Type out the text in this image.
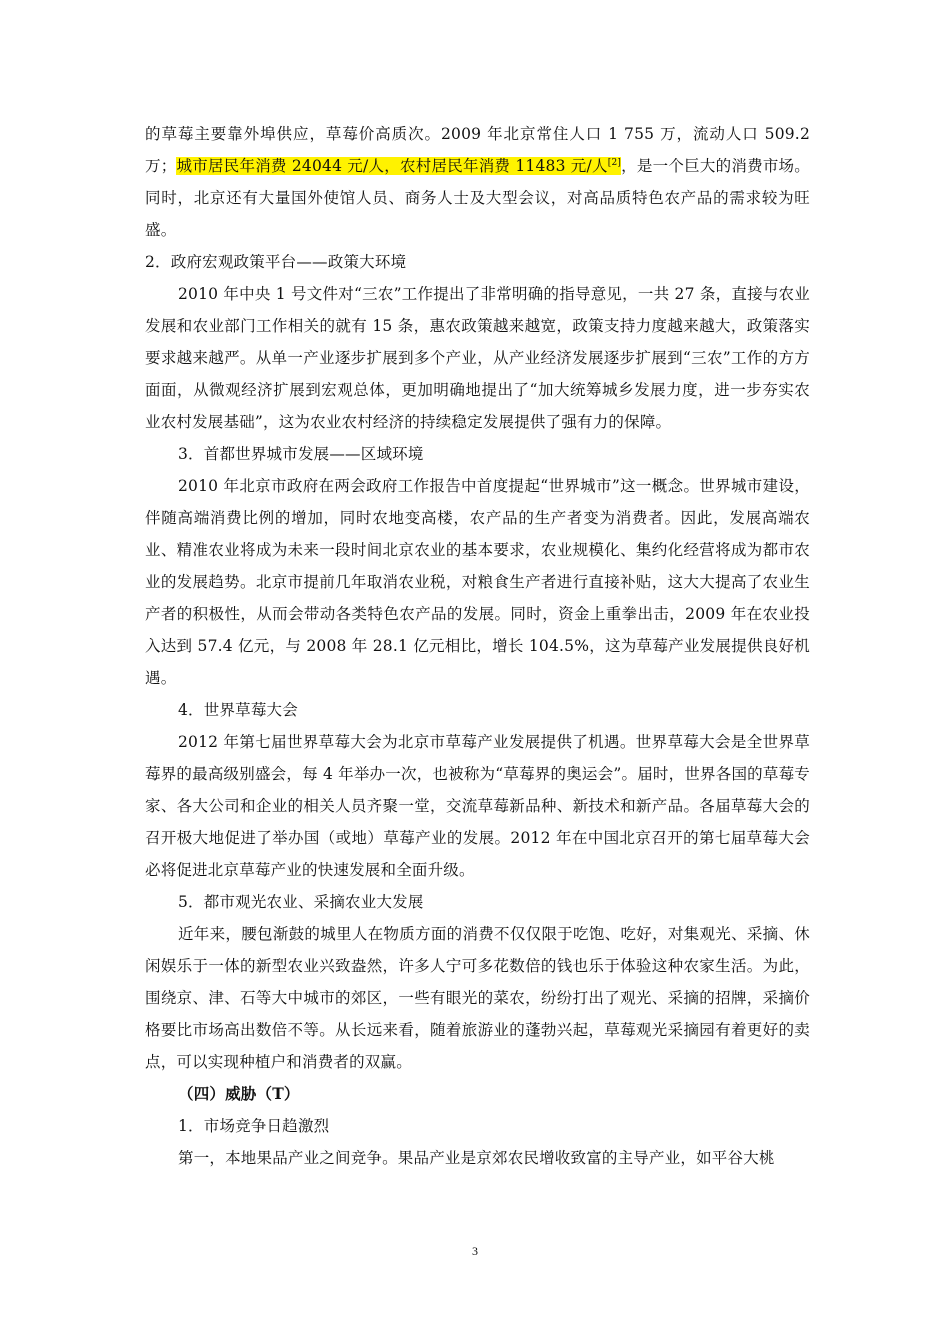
的草莓主要靠外埠供应，草莓价高质次。2009 年北京常住人口 1 755 万，流动人口 509.2 万；城市居民年消费 24044 元/人，农村居民年消费 11483 元/人[2]，是一个巨大的消费市场。同时，北京还有大量国外使馆人员、商务人士及大型会议，对高品质特色农产品的需求较为旺盛。

2．政府宏观政策平台——政策大环境

2010 年中央 1 号文件对“三农”工作提出了非常明确的指导意见，一共 27 条，直接与农业发展和农业部门工作相关的就有 15 条，惠农政策越来越宽，政策支持力度越来越大，政策落实要求越来越严。从单一产业逐步扩展到多个产业，从产业经济发展逐步扩展到“三农”工作的方方面面，从微观经济扩展到宏观总体，更加明确地提出了“加大统筹城乡发展力度，进一步夯实农业农村发展基础”，这为农业农村经济的持续稳定发展提供了强有力的保障。

3．首都世界城市发展——区域环境

2010 年北京市政府在两会政府工作报告中首度提起“世界城市”这一概念。世界城市建设，伴随高端消费比例的增加，同时农地变高楼，农产品的生产者变为消费者。因此，发展高端农业、精准农业将成为未来一段时间北京农业的基本要求，农业规模化、集约化经营将成为都市农业的发展趋势。北京市提前几年取消农业税，对粮食生产者进行直接补贴，这大大提高了农业生产者的积极性，从而会带动各类特色农产品的发展。同时，资金上重拳出击，2009 年在农业投入达到 57.4 亿元，与 2008 年 28.1 亿元相比，增长 104.5%，这为草莓产业发展提供良好机遇。

4．世界草莓大会

2012 年第七届世界草莓大会为北京市草莓产业发展提供了机遇。世界草莓大会是全世界草莓界的最高级别盛会，每 4 年举办一次，也被称为“草莓界的奥运会”。届时，世界各国的草莓专家、各大公司和企业的相关人员齐聚一堂，交流草莓新品种、新技术和新产品。各届草莓大会的召开极大地促进了举办国（或地）草莓产业的发展。2012 年在中国北京召开的第七届草莓大会必将促进北京草莓产业的快速发展和全面升级。

5．都市观光农业、采摘农业大发展

近年来，腰包渐鼓的城里人在物质方面的消费不仅仅限于吃饱、吃好，对集观光、采摘、休闲娱乐于一体的新型农业兴致盎然，许多人宁可多花数倍的钱也乐于体验这种农家生活。为此，围绕京、津、石等大中城市的郊区，一些有眼光的菜农，纷纷打出了观光、采摘的招牌，采摘价格要比市场高出数倍不等。从长远来看，随着旅游业的蓬勃兴起，草莓观光采摘园有着更好的卖点，可以实现种植户和消费者的双赢。

（四）威胁（T）

1．市场竞争日趋激烈

第一，本地果品产业之间竞争。果品产业是京郊农民增收致富的主导产业，如平谷大桃

3
